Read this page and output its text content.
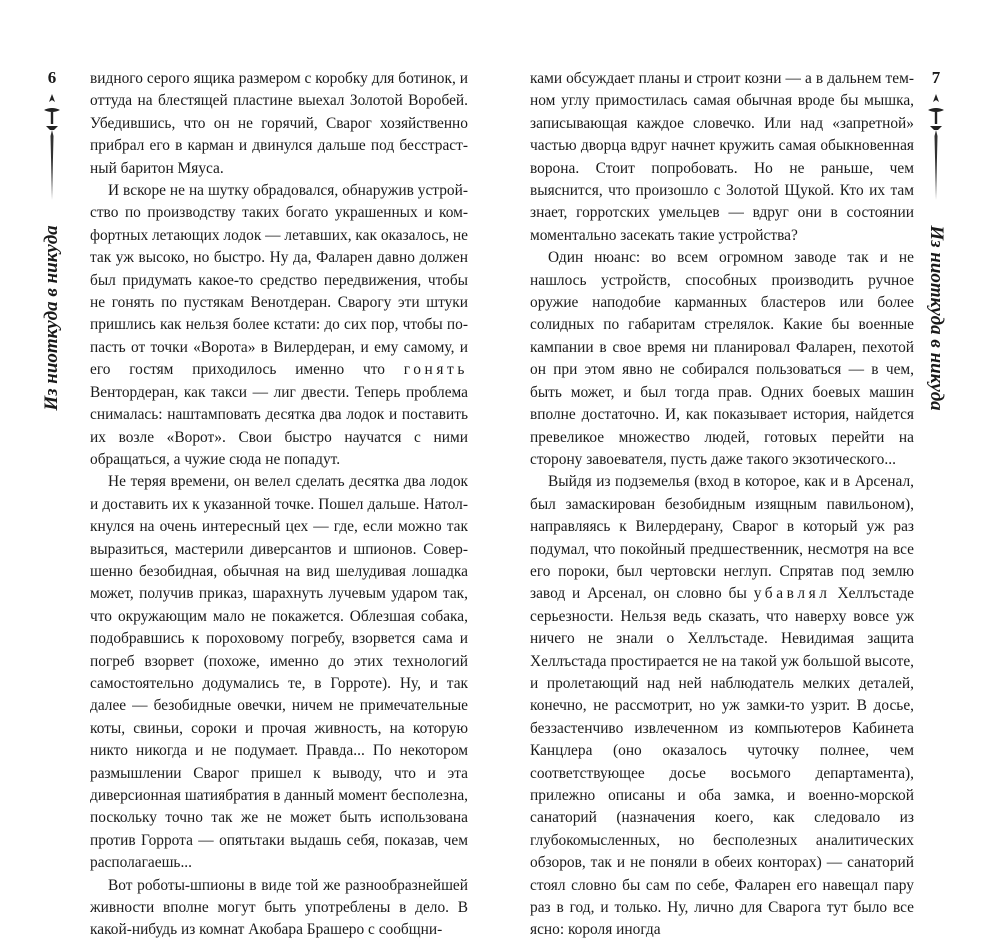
6
Из ниоткуда в никуда

видного серого ящика размером с коробку для ботинок, и оттуда на блестящей пластине выехал Золотой Воробей. Убедившись, что он не горячий, Сварог хозяйственно прибрал его в карман и двинулся дальше под бесстрастный баритон Мяуса.

И вскоре не на шутку обрадовался, обнаружив устройство по производству таких богато украшенных и комфортных летающих лодок — летавших, как оказалось, не так уж высоко, но быстро. Ну да, Фаларен давно должен был придумать какое-то средство передвижения, чтобы не гонять по пустякам Венотдеран. Сварогу эти штуки пришлись как нельзя более кстати: до сих пор, чтобы попасть от точки «Ворота» в Вилердеран, и ему самому, и его гостям приходилось именно что гонять Вентордеран, как такси — лиг двести. Теперь проблема снималась: наштамповать десятка два лодок и поставить их возле «Ворот». Свои быстро научатся с ними обращаться, а чужие сюда не попадут.

Не теряя времени, он велел сделать десятка два лодок и доставить их к указанной точке. Пошел дальше. Натолкнулся на очень интересный цех — где, если можно так выразиться, мастерили диверсантов и шпионов. Совершенно безобидная, обычная на вид шелудивая лошадка может, получив приказ, шарахнуть лучевым ударом так, что окружающим мало не покажется. Облезшая собака, подобравшись к пороховому погребу, взорвется сама и погреб взорвет (похоже, именно до этих технологий самостоятельно додумались те, в Горроте). Ну, и так далее — безобидные овечки, ничем не примечательные коты, свиньи, сороки и прочая живность, на которую никто никогда и не подумает. Правда... По некотором размышлении Сварог пришел к выводу, что и эта диверсионная шатиябратия в данный момент бесполезна, поскольку точно так же не может быть использована против Горрота — опятьтаки выдашь себя, показав, чем располагаешь...

Вот роботы-шпионы в виде той же разнообразнейшей живности вполне могут быть употреблены в дело. В какой-нибудь из комнат Акобара Брашеро с сообщни-

ками обсуждает планы и строит козни — а в дальнем темном углу примостилась самая обычная вроде бы мышка, записывающая каждое словечко. Или над «запретной» частью дворца вдруг начнет кружить самая обыкновенная ворона. Стоит попробовать. Но не раньше, чем выяснится, что произошло с Золотой Щукой. Кто их там знает, горротских умельцев — вдруг они в состоянии моментально засекать такие устройства?

Один нюанс: во всем огромном заводе так и не нашлось устройств, способных производить ручное оружие наподобие карманных бластеров или более солидных по габаритам стрелялок. Какие бы военные кампании в свое время ни планировал Фаларен, пехотой он при этом явно не собирался пользоваться — в чем, быть может, и был тогда прав. Одних боевых машин вполне достаточно. И, как показывает история, найдется превеликое множество людей, готовых перейти на сторону завоевателя, пусть даже такого экзотического...

Выйдя из подземелья (вход в которое, как и в Арсенал, был замаскирован безобидным изящным павильоном), направляясь к Вилердерану, Сварог в который уж раз подумал, что покойный предшественник, несмотря на все его пороки, был чертовски неглуп. Спрятав под землю завод и Арсенал, он словно бы убавлял Хеллъстаде серьезности. Нельзя ведь сказать, что наверху вовсе уж ничего не знали о Хеллъстаде. Невидимая защита Хеллъстада простирается не на такой уж большой высоте, и пролетающий над ней наблюдатель мелких деталей, конечно, не рассмотрит, но уж замки-то узрит. В досье, беззастенчиво извлеченном из компьютеров Кабинета Канцлера (оно оказалось чуточку полнее, чем соответствующее досье восьмого департамента), прилежно описаны и оба замка, и военно-морской санаторий (назначения коего, как следовало из глубокомысленных, но бесполезных аналитических обзоров, так и не поняли в обеих конторах) — санаторий стоял словно бы сам по себе, Фаларен его навещал пару раз в год, и только. Ну, лично для Сварога тут было все ясно: короля иногда

7
Из ниоткуда в никуда
